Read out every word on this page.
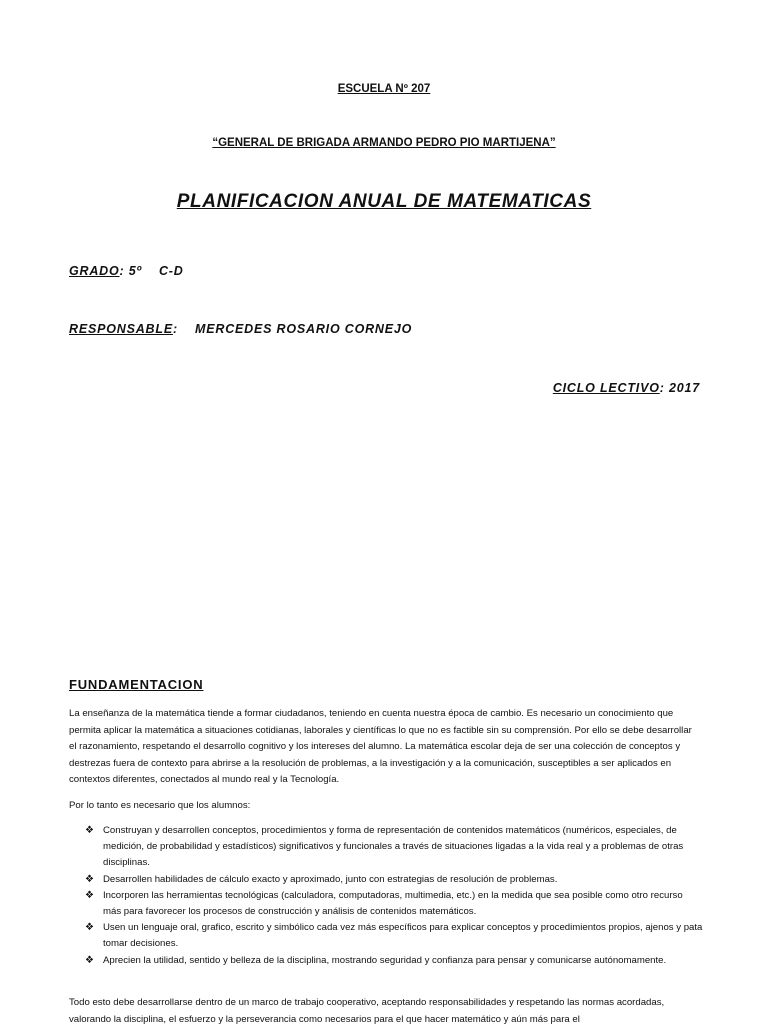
ESCUELA Nº 207
“GENERAL DE BRIGADA ARMANDO PEDRO PIO MARTIJENA”
PLANIFICACION ANUAL DE MATEMATICAS
GRADO: 5º    C-D
RESPONSABLE:    MERCEDES ROSARIO CORNEJO
CICLO LECTIVO: 2017
FUNDAMENTACION
La enseñanza de la matemática tiende a formar ciudadanos, teniendo en cuenta nuestra época de cambio. Es necesario un conocimiento que permita aplicar la matemática a situaciones cotidianas, laborales y científicas lo que no es factible sin su comprensión. Por ello se debe desarrollar el razonamiento, respetando el desarrollo cognitivo y los intereses del alumno. La matemática escolar deja de ser una colección de conceptos y destrezas fuera de contexto para abrirse a la resolución de problemas, a la investigación y a la comunicación, susceptibles a ser aplicados en contextos diferentes, conectados al mundo real y la Tecnología.
Por lo tanto es necesario que los alumnos:
❖ Construyan y desarrollen conceptos, procedimientos y forma de representación de contenidos matemáticos (numéricos, especiales, de medición, de probabilidad y estadísticos) significativos y funcionales a través de situaciones ligadas a la vida real y a problemas de otras disciplinas.
❖ Desarrollen habilidades de cálculo exacto y aproximado, junto con estrategias de resolución de problemas.
❖ Incorporen las herramientas tecnológicas (calculadora, computadoras, multimedia, etc.) en la medida que sea posible como otro recurso más para favorecer los procesos de construcción y análisis de contenidos matemáticos.
❖ Usen un lenguaje oral, grafico, escrito y simbólico cada vez más específicos para explicar conceptos y procedimientos propios, ajenos y pata tomar decisiones.
❖ Aprecien la utilidad, sentido y belleza de la disciplina, mostrando seguridad y confianza para pensar y comunicarse autónomamente.
Todo esto debe desarrollarse dentro de un marco de trabajo cooperativo, aceptando responsabilidades y respetando las normas acordadas, valorando la disciplina, el esfuerzo y la perseverancia como necesarios para el que hacer matemático y aún más para el
